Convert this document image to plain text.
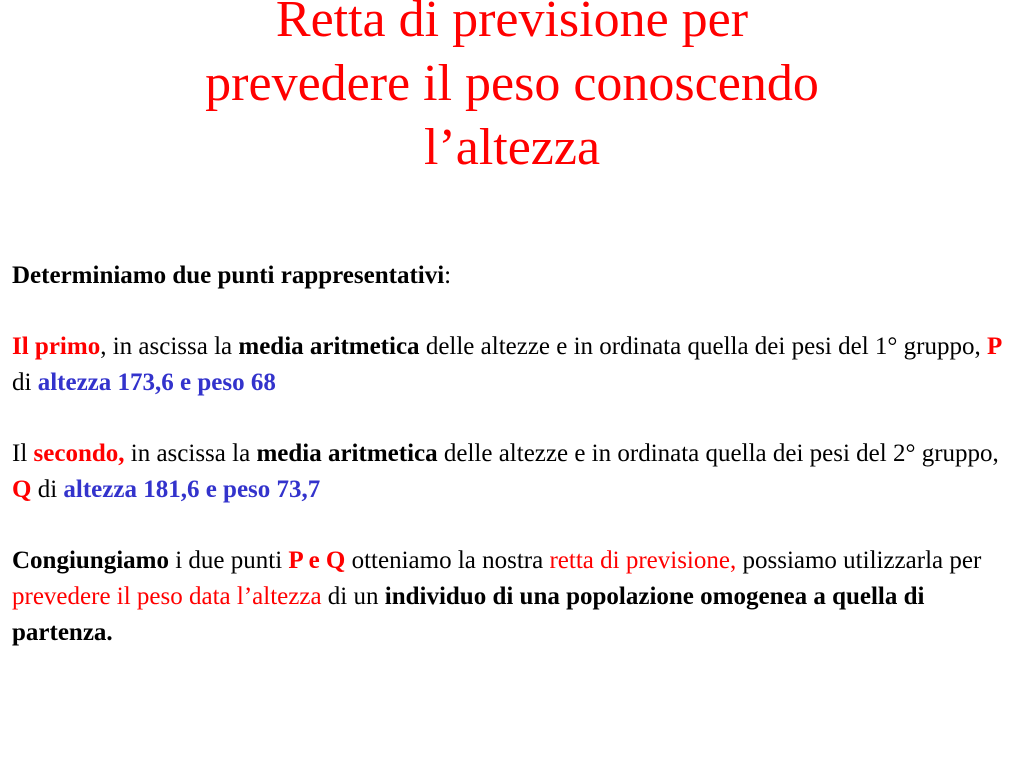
Retta di previsione per
prevedere il peso conoscendo
l’altezza

Determiniamo due punti rappresentativi:

Il primo, in ascissa la media aritmetica delle altezze e in ordinata quella dei pesi del 1° gruppo, P di altezza 173,6 e peso 68

Il secondo, in ascissa la media aritmetica delle altezze e in ordinata quella dei pesi del 2° gruppo, Q di altezza 181,6 e peso 73,7

Congiungiamo i due punti P e Q otteniamo la nostra retta di previsione, possiamo utilizzarla per prevedere il peso data l’altezza di un individuo di una popolazione omogenea a quella di partenza.
